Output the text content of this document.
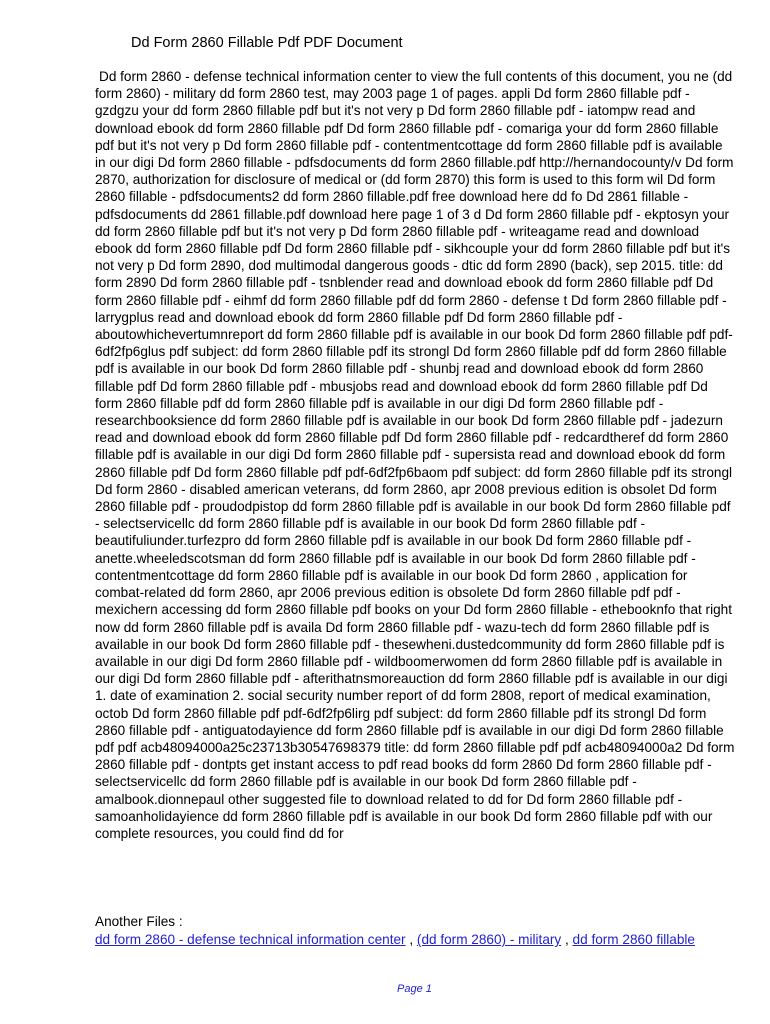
Dd Form 2860 Fillable Pdf PDF Document

Dd form 2860 - defense technical information center to view the full contents of this document, you ne (dd form 2860) - military dd form 2860 test, may 2003 page 1 of pages. appli Dd form 2860 fillable pdf - gzdgzu your dd form 2860 fillable pdf but it's not very p Dd form 2860 fillable pdf - iatompw read and download ebook dd form 2860 fillable pdf Dd form 2860 fillable pdf - comariga your dd form 2860 fillable pdf but it's not very p Dd form 2860 fillable pdf - contentmentcottage dd form 2860 fillable pdf is available in our digi Dd form 2860 fillable - pdfsdocuments dd form 2860 fillable.pdf http://hernandocounty/v Dd form 2870, authorization for disclosure of medical or (dd form 2870) this form is used to this form wil Dd form 2860 fillable - pdfsdocuments2 dd form 2860 fillable.pdf free download here dd fo Dd 2861 fillable - pdfsdocuments dd 2861 fillable.pdf download here page 1 of 3 d Dd form 2860 fillable pdf - ekptosyn your dd form 2860 fillable pdf but it's not very p Dd form 2860 fillable pdf - writeagame read and download ebook dd form 2860 fillable pdf Dd form 2860 fillable pdf - sikhcouple your dd form 2860 fillable pdf but it's not very p Dd form 2890, dod multimodal dangerous goods - dtic dd form 2890 (back), sep 2015. title: dd form 2890 Dd form 2860 fillable pdf - tsnblender read and download ebook dd form 2860 fillable pdf Dd form 2860 fillable pdf - eihmf dd form 2860 fillable pdf dd form 2860 - defense t Dd form 2860 fillable pdf - larrygplus read and download ebook dd form 2860 fillable pdf Dd form 2860 fillable pdf - aboutowhichevertumnreport dd form 2860 fillable pdf is available in our book Dd form 2860 fillable pdf pdf-6df2fp6glus pdf subject: dd form 2860 fillable pdf its strongl Dd form 2860 fillable pdf dd form 2860 fillable pdf is available in our book Dd form 2860 fillable pdf - shunbj read and download ebook dd form 2860 fillable pdf Dd form 2860 fillable pdf - mbusjobs read and download ebook dd form 2860 fillable pdf Dd form 2860 fillable pdf dd form 2860 fillable pdf is available in our digi Dd form 2860 fillable pdf - researchbooksience dd form 2860 fillable pdf is available in our book Dd form 2860 fillable pdf - jadezurn read and download ebook dd form 2860 fillable pdf Dd form 2860 fillable pdf - redcardtheref dd form 2860 fillable pdf is available in our digi Dd form 2860 fillable pdf - supersista read and download ebook dd form 2860 fillable pdf Dd form 2860 fillable pdf pdf-6df2fp6baom pdf subject: dd form 2860 fillable pdf its strongl Dd form 2860 - disabled american veterans, dd form 2860, apr 2008 previous edition is obsolet Dd form 2860 fillable pdf - proudodpistop dd form 2860 fillable pdf is available in our book Dd form 2860 fillable pdf - selectservicellc dd form 2860 fillable pdf is available in our book Dd form 2860 fillable pdf - beautifuliunder.turfezpro dd form 2860 fillable pdf is available in our book Dd form 2860 fillable pdf - anette.wheeledscotsman dd form 2860 fillable pdf is available in our book Dd form 2860 fillable pdf - contentmentcottage dd form 2860 fillable pdf is available in our book Dd form 2860 , application for combat-related dd form 2860, apr 2006 previous edition is obsolete Dd form 2860 fillable pdf pdf - mexichern accessing dd form 2860 fillable pdf books on your Dd form 2860 fillable - ethebooknfo that right now dd form 2860 fillable pdf is availa Dd form 2860 fillable pdf - wazu-tech dd form 2860 fillable pdf is available in our book Dd form 2860 fillable pdf - thesewheni.dustedcommunity dd form 2860 fillable pdf is available in our digi Dd form 2860 fillable pdf - wildboomerwomen dd form 2860 fillable pdf is available in our digi Dd form 2860 fillable pdf - afterithatnsmoreauction dd form 2860 fillable pdf is available in our digi 1. date of examination 2. social security number report of dd form 2808, report of medical examination, octob Dd form 2860 fillable pdf pdf-6df2fp6lirg pdf subject: dd form 2860 fillable pdf its strongl Dd form 2860 fillable pdf - antiguatodayience dd form 2860 fillable pdf is available in our digi Dd form 2860 fillable pdf pdf acb48094000a25c23713b30547698379 title: dd form 2860 fillable pdf pdf acb48094000a2 Dd form 2860 fillable pdf - dontpts get instant access to pdf read books dd form 2860 Dd form 2860 fillable pdf - selectservicellc dd form 2860 fillable pdf is available in our book Dd form 2860 fillable pdf - amalbook.dionnepaul other suggested file to download related to dd for Dd form 2860 fillable pdf - samoanholidayience dd form 2860 fillable pdf is available in our book Dd form 2860 fillable pdf with our complete resources, you could find dd for

Another Files :

dd form 2860 - defense technical information center , (dd form 2860) - military , dd form 2860 fillable

Page 1
